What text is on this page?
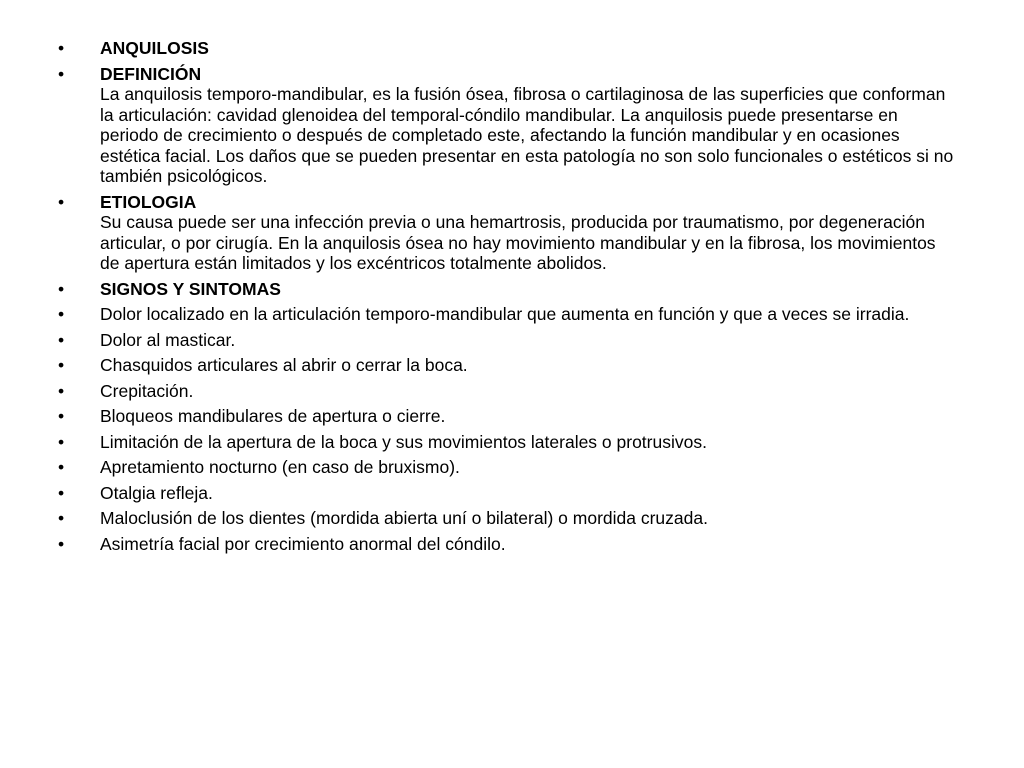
•	ANQUILOSIS
•	DEFINICIÓN
La anquilosis temporo-mandibular, es la fusión ósea, fibrosa o cartilaginosa de las superficies que conforman la articulación: cavidad glenoidea del temporal-cóndilo mandibular. La anquilosis puede presentarse en periodo de crecimiento o después de completado este, afectando la función mandibular y en ocasiones estética facial. Los daños que se pueden presentar en esta patología no son solo funcionales o estéticos si no también psicológicos.
•	ETIOLOGIA
Su causa puede ser una infección previa o una hemartrosis, producida por traumatismo, por degeneración articular, o por cirugía. En la anquilosis ósea no hay movimiento mandibular y en la fibrosa, los movimientos de apertura están limitados y los excéntricos totalmente abolidos.
•	SIGNOS Y SINTOMAS
•	Dolor localizado en la articulación temporo-mandibular que aumenta en función y que a veces se irradia.
•	Dolor al masticar.
•	Chasquidos articulares al abrir o cerrar la boca.
•	Crepitación.
•	Bloqueos mandibulares de apertura o cierre.
•	Limitación de la apertura de la boca y sus movimientos laterales o protrusivos.
•	Apretamiento nocturno (en caso de bruxismo).
•	Otalgia refleja.
•	Maloclusión de los dientes (mordida abierta uní o bilateral) o mordida cruzada.
•	Asimetría facial por crecimiento anormal del cóndilo.
